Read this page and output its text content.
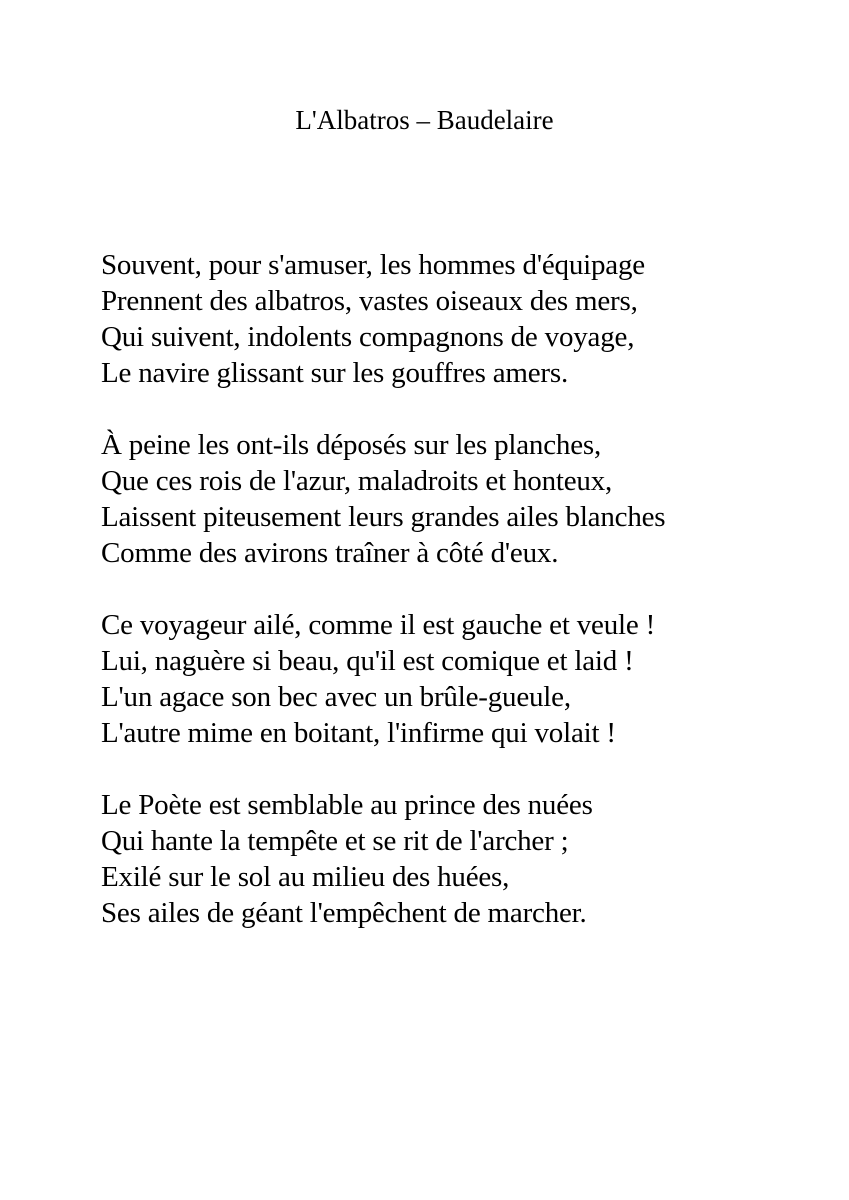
L'Albatros – Baudelaire
Souvent, pour s'amuser, les hommes d'équipage
Prennent des albatros, vastes oiseaux des mers,
Qui suivent, indolents compagnons de voyage,
Le navire glissant sur les gouffres amers.
À peine les ont-ils déposés sur les planches,
Que ces rois de l'azur, maladroits et honteux,
Laissent piteusement leurs grandes ailes blanches
Comme des avirons traîner à côté d'eux.
Ce voyageur ailé, comme il est gauche et veule !
Lui, naguère si beau, qu'il est comique et laid !
L'un agace son bec avec un brûle-gueule,
L'autre mime en boitant, l'infirme qui volait !
Le Poète est semblable au prince des nuées
Qui hante la tempête et se rit de l'archer ;
Exilé sur le sol au milieu des huées,
Ses ailes de géant l'empêchent de marcher.
